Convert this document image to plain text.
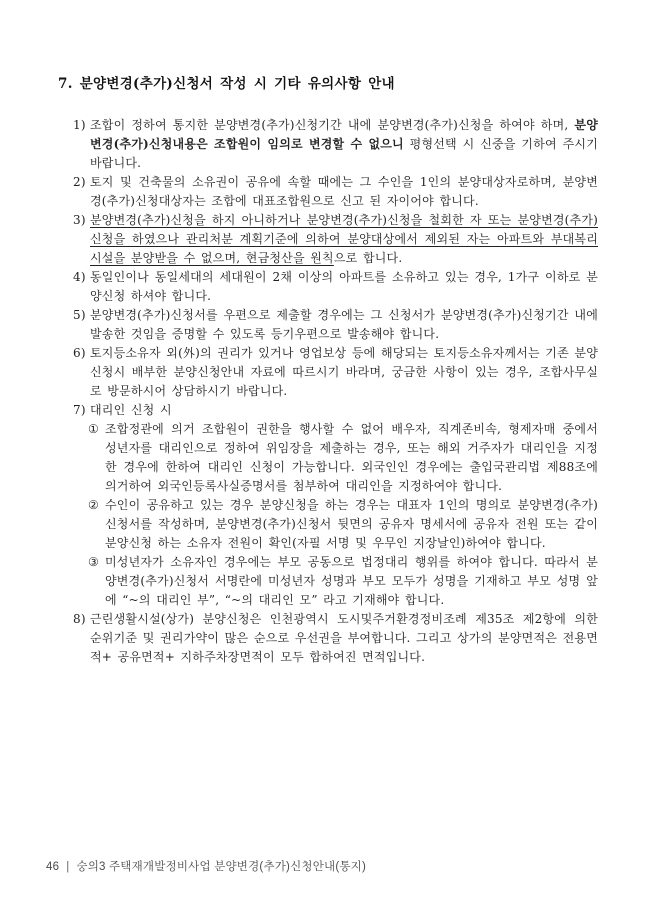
7. 분양변경(추가)신청서 작성 시 기타 유의사항 안내

1) 조합이 정하여 통지한 분양변경(추가)신청기간 내에 분양변경(추가)신청을 하여야 하며, 분양변경(추가)신청내용은 조합원이 임의로 변경할 수 없으니 평형선택 시 신중을 기하여 주시기 바랍니다.

2) 토지 및 건축물의 소유권이 공유에 속할 때에는 그 수인을 1인의 분양대상자로하며, 분양변경(추가)신청대상자는 조합에 대표조합원으로 신고 된 자이어야 합니다.

3) 분양변경(추가)신청을 하지 아니하거나 분양변경(추가)신청을 철회한 자 또는 분양변경(추가) 신청을 하였으나 관리처분 계획기준에 의하여 분양대상에서 제외된 자는 아파트와 부대복리시설을 분양받을 수 없으며, 현금청산을 원칙으로 합니다.

4) 동일인이나 동일세대의 세대원이 2채 이상의 아파트를 소유하고 있는 경우, 1가구 이하로 분양신청 하셔야 합니다.

5) 분양변경(추가)신청서를 우편으로 제출할 경우에는 그 신청서가 분양변경(추가)신청기간 내에 발송한 것임을 증명할 수 있도록 등기우편으로 발송해야 합니다.

6) 토지등소유자 외(外)의 권리가 있거나 영업보상 등에 해당되는 토지등소유자께서는 기존 분양신청시 배부한 분양신청안내 자료에 따르시기 바라며, 궁금한 사항이 있는 경우, 조합사무실로 방문하시어 상담하시기 바랍니다.

7) 대리인 신청 시

① 조합정관에 의거 조합원이 권한을 행사할 수 없어 배우자, 직계존비속, 형제자매 중에서 성년자를 대리인으로 정하여 위임장을 제출하는 경우, 또는 해외 거주자가 대리인을 지정한 경우에 한하여 대리인 신청이 가능합니다. 외국인인 경우에는 출입국관리법 제88조에 의거하여 외국인등록사실증명서를 첨부하여 대리인을 지정하여야 합니다.

② 수인이 공유하고 있는 경우 분양신청을 하는 경우는 대표자 1인의 명의로 분양변경(추가)신청서를 작성하며, 분양변경(추가)신청서 뒷면의 공유자 명세서에 공유자 전원 또는 같이 분양신청 하는 소유자 전원이 확인(자필 서명 및 우무인 지장날인)하여야 합니다.

③ 미성년자가 소유자인 경우에는 부모 공동으로 법정대리 행위를 하여야 합니다. 따라서 분양변경(추가)신청서 서명란에 미성년자 성명과 부모 모두가 성명을 기재하고 부모 성명 앞에 “~의 대리인 부”, “~의 대리인 모” 라고 기재해야 합니다.

8) 근린생활시설(상가) 분양신청은 인천광역시 도시및주거환경정비조례 제35조 제2항에 의한 순위기준 및 권리가약이 많은 순으로 우선권을 부여합니다. 그리고 상가의 분양면적은 전용면적+ 공유면적+ 지하주차장면적이 모두 합하여진 면적입니다.

46 | 숭의3 주택재개발정비사업 분양변경(추가)신청안내(통지)
